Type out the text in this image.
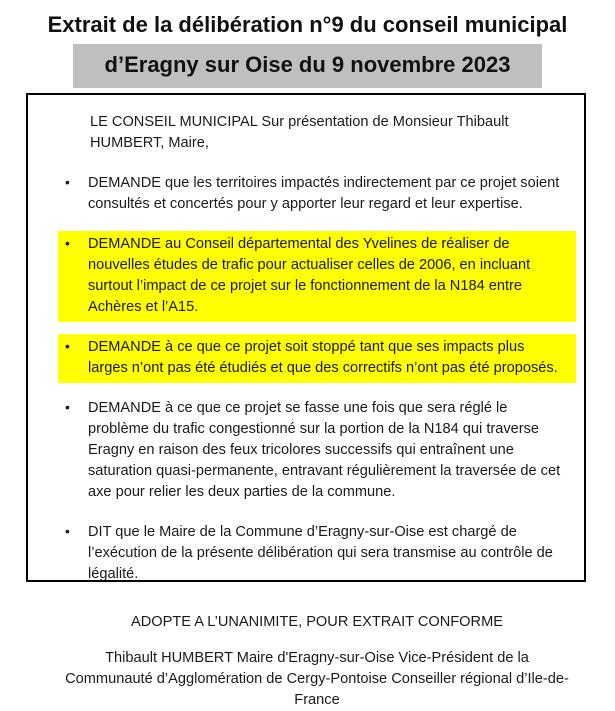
Extrait de la délibération n°9 du conseil municipal
d’Eragny sur Oise du 9 novembre 2023

LE CONSEIL MUNICIPAL Sur présentation de Monsieur Thibault HUMBERT, Maire,

• DEMANDE que les territoires impactés indirectement par ce projet soient consultés et concertés pour y apporter leur regard et leur expertise.
• DEMANDE au Conseil départemental des Yvelines de réaliser de nouvelles études de trafic pour actualiser celles de 2006, en incluant surtout l’impact de ce projet sur le fonctionnement de la N184 entre Achères et l’A15.
• DEMANDE à ce que ce projet soit stoppé tant que ses impacts plus larges n’ont pas été étudiés et que des correctifs n’ont pas été proposés.
• DEMANDE à ce que ce projet se fasse une fois que sera réglé le problème du trafic congestionné sur la portion de la N184 qui traverse Eragny en raison des feux tricolores successifs qui entraînent une saturation quasi-permanente, entravant régulièrement la traversée de cet axe pour relier les deux parties de la commune.
• DIT que le Maire de la Commune d’Eragny-sur-Oise est chargé de l’exécution de la présente délibération qui sera transmise au contrôle de légalité.

ADOPTE A L’UNANIMITE, POUR EXTRAIT CONFORME

Thibault HUMBERT Maire d'Eragny-sur-Oise Vice-Président de la Communauté d’Agglomération de Cergy-Pontoise Conseiller régional d’Ile-de-France
